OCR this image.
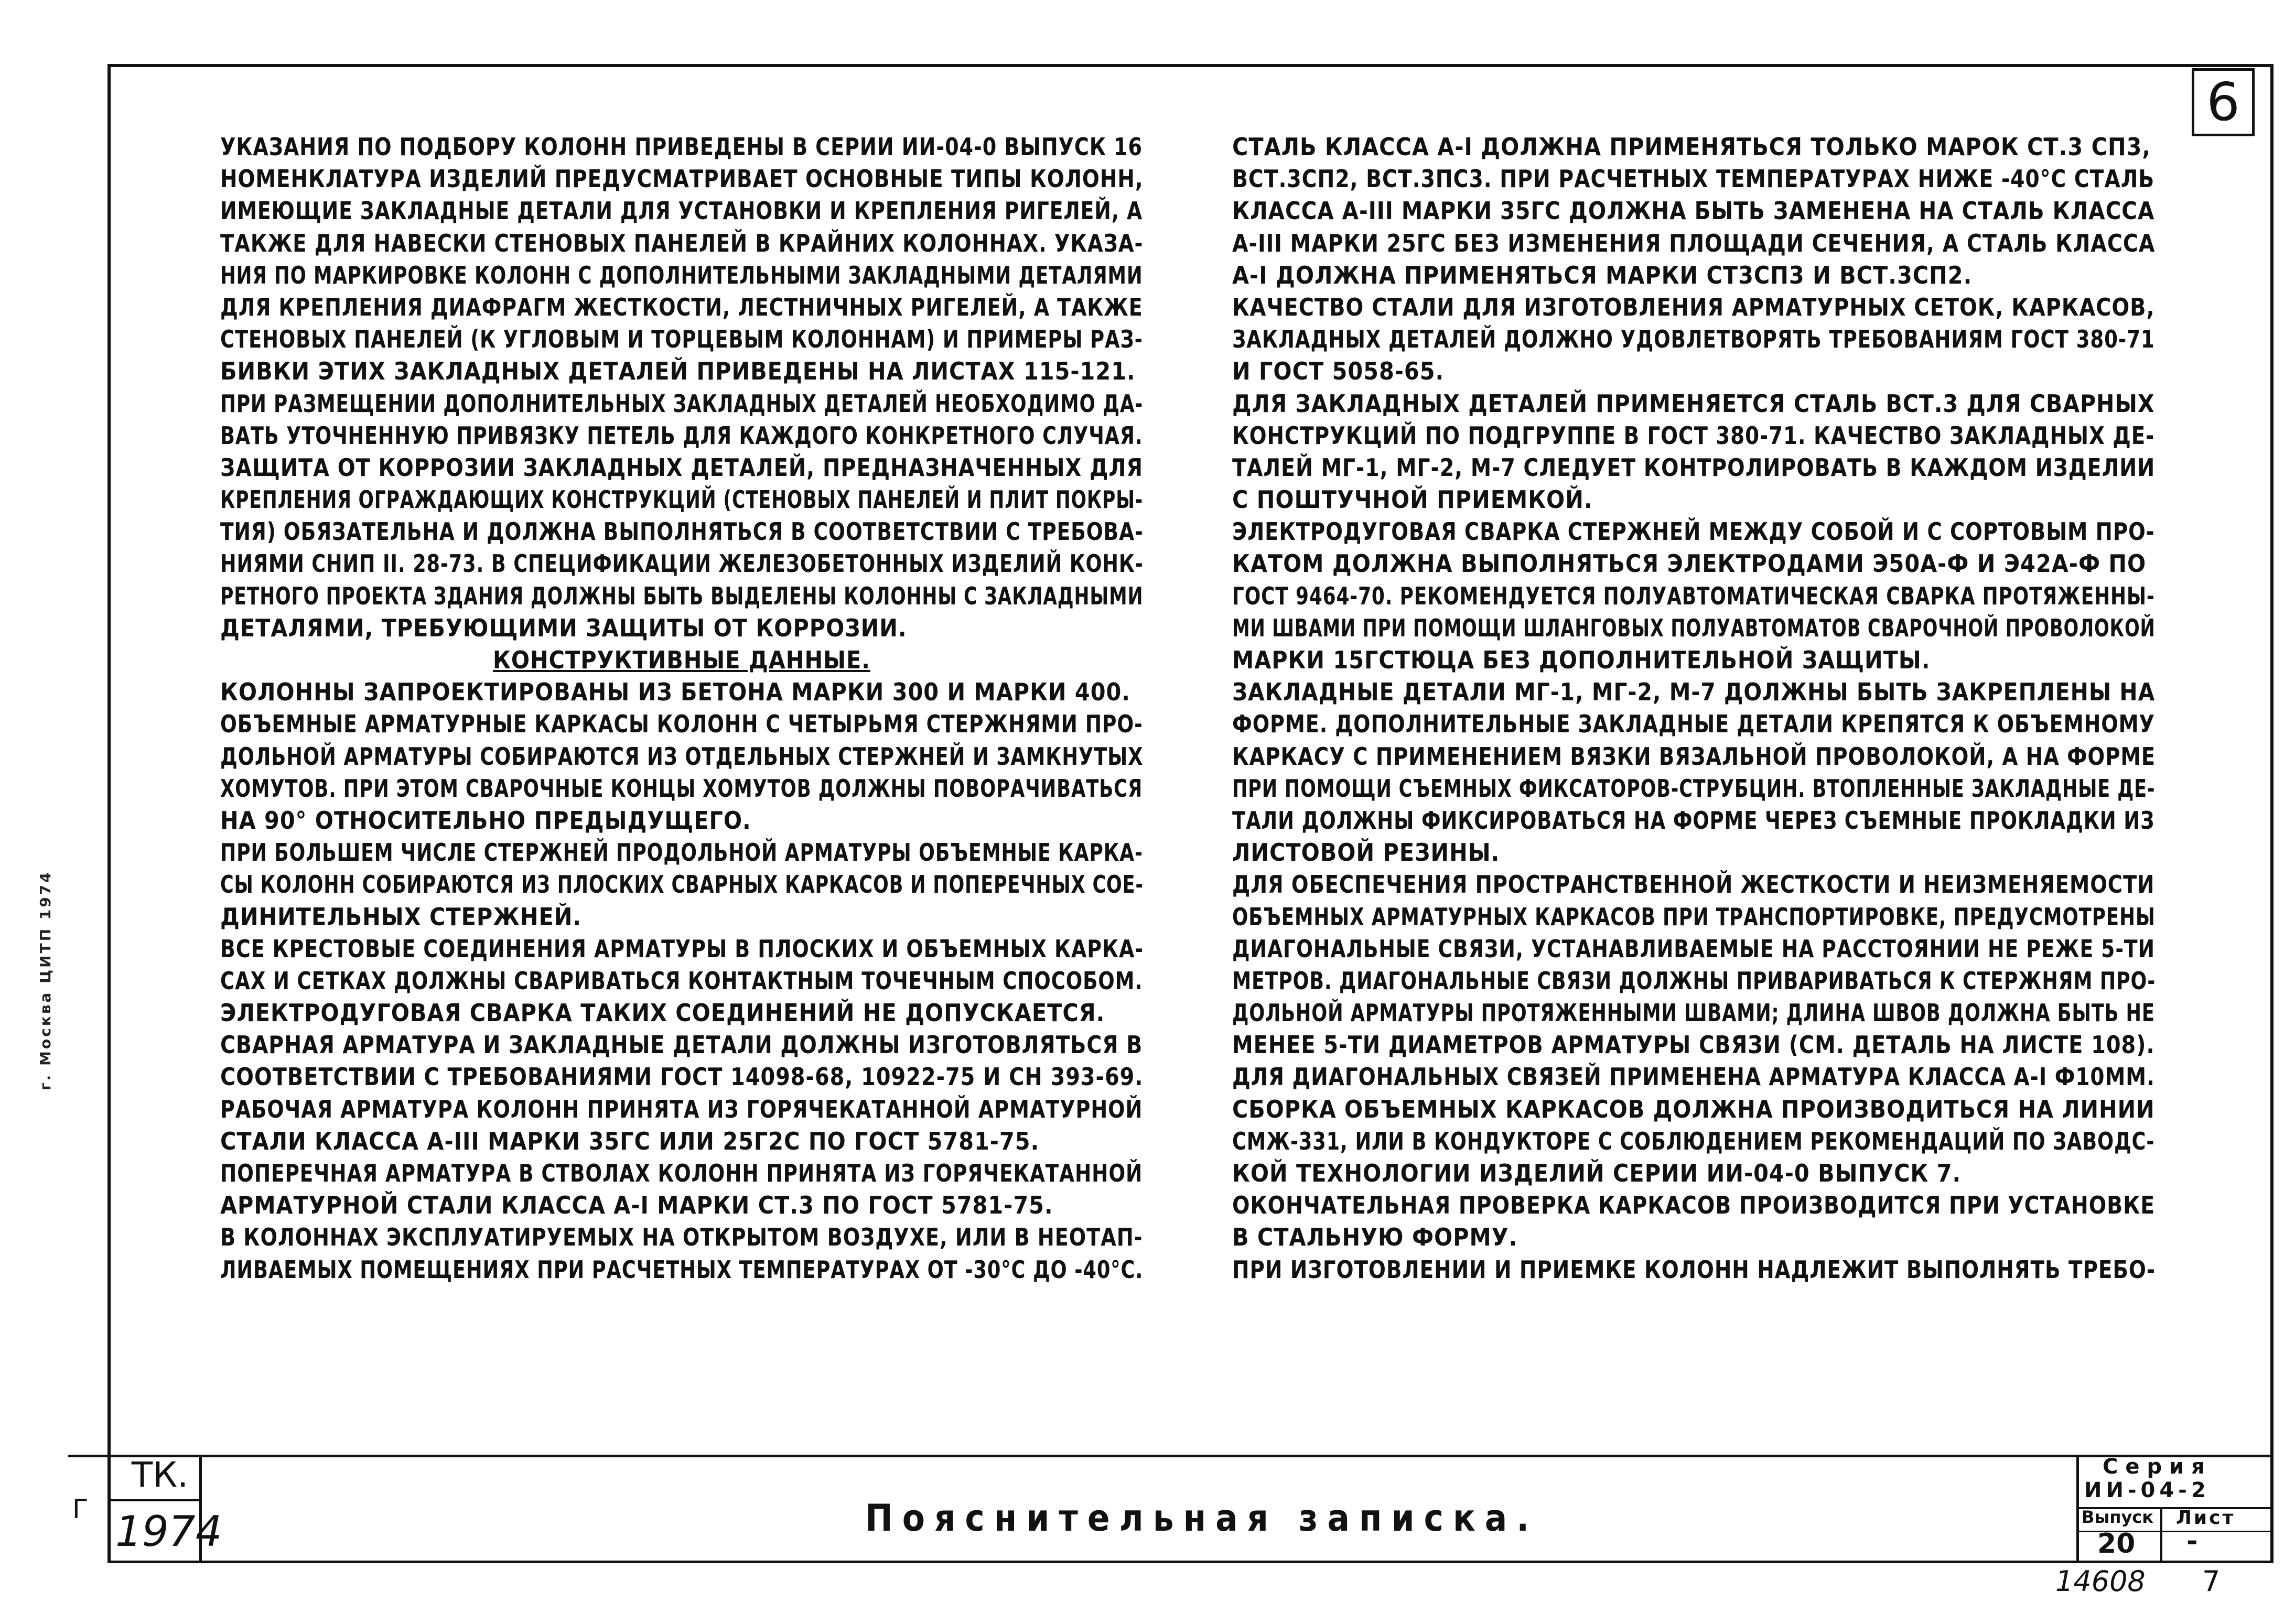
6
УКАЗАНИЯ ПО ПОДБОРУ КОЛОНН ПРИВЕДЕНЫ В СЕРИИ ИИ-04-0 ВЫПУСК 16
НОМЕНКЛАТУРА ИЗДЕЛИЙ ПРЕДУСМАТРИВАЕТ ОСНОВНЫЕ ТИПЫ КОЛОНН,
ИМЕЮЩИЕ ЗАКЛАДНЫЕ ДЕТАЛИ ДЛЯ УСТАНОВКИ И КРЕПЛЕНИЯ РИГЕЛЕЙ, А
ТАКЖЕ ДЛЯ НАВЕСКИ СТЕНОВЫХ ПАНЕЛЕЙ В КРАЙНИХ КОЛОННАХ. УКАЗА-
НИЯ ПО МАРКИРОВКЕ КОЛОНН С ДОПОЛНИТЕЛЬНЫМИ ЗАКЛАДНЫМИ ДЕТАЛЯМИ
ДЛЯ КРЕПЛЕНИЯ ДИАФРАГМ ЖЕСТКОСТИ, ЛЕСТНИЧНЫХ РИГЕЛЕЙ, А ТАКЖЕ
СТЕНОВЫХ ПАНЕЛЕЙ (К УГЛОВЫМ И ТОРЦЕВЫМ КОЛОННАМ) И ПРИМЕРЫ РАЗ-
БИВКИ ЭТИХ ЗАКЛАДНЫХ ДЕТАЛЕЙ ПРИВЕДЕНЫ НА ЛИСТАХ 115-121.
ПРИ РАЗМЕЩЕНИИ ДОПОЛНИТЕЛЬНЫХ ЗАКЛАДНЫХ ДЕТАЛЕЙ НЕОБХОДИМО ДА-
ВАТЬ УТОЧНЕННУЮ ПРИВЯЗКУ ПЕТЕЛЬ ДЛЯ КАЖДОГО КОНКРЕТНОГО СЛУЧАЯ.
ЗАЩИТА ОТ КОРРОЗИИ ЗАКЛАДНЫХ ДЕТАЛЕЙ, ПРЕДНАЗНАЧЕННЫХ ДЛЯ
КРЕПЛЕНИЯ ОГРАЖДАЮЩИХ КОНСТРУКЦИЙ (СТЕНОВЫХ ПАНЕЛЕЙ И ПЛИТ ПОКРЫ-
ТИЯ) ОБЯЗАТЕЛЬНА И ДОЛЖНА ВЫПОЛНЯТЬСЯ В СООТВЕТСТВИИ С ТРЕБОВА-
НИЯМИ СНИП II. 28-73. В СПЕЦИФИКАЦИИ ЖЕЛЕЗОБЕТОННЫХ ИЗДЕЛИЙ КОНК-
РЕТНОГО ПРОЕКТА ЗДАНИЯ ДОЛЖНЫ БЫТЬ ВЫДЕЛЕНЫ КОЛОННЫ С ЗАКЛАДНЫМИ
ДЕТАЛЯМИ, ТРЕБУЮЩИМИ ЗАЩИТЫ ОТ КОРРОЗИИ.
КОНСТРУКТИВНЫЕ ДАННЫЕ.
КОЛОННЫ ЗАПРОЕКТИРОВАНЫ ИЗ БЕТОНА МАРКИ 300 И МАРКИ 400.
ОБЪЕМНЫЕ АРМАТУРНЫЕ КАРКАСЫ КОЛОНН С ЧЕТЫРЬМЯ СТЕРЖНЯМИ ПРО-
ДОЛЬНОЙ АРМАТУРЫ СОБИРАЮТСЯ ИЗ ОТДЕЛЬНЫХ СТЕРЖНЕЙ И ЗАМКНУТЫХ
ХОМУТОВ. ПРИ ЭТОМ СВАРОЧНЫЕ КОНЦЫ ХОМУТОВ ДОЛЖНЫ ПОВОРАЧИВАТЬСЯ
НА 90° ОТНОСИТЕЛЬНО ПРЕДЫДУЩЕГО.
ПРИ БОЛЬШЕМ ЧИСЛЕ СТЕРЖНЕЙ ПРОДОЛЬНОЙ АРМАТУРЫ ОБЪЕМНЫЕ КАРКА-
СЫ КОЛОНН СОБИРАЮТСЯ ИЗ ПЛОСКИХ СВАРНЫХ КАРКАСОВ И ПОПЕРЕЧНЫХ СОЕ-
ДИНИТЕЛЬНЫХ СТЕРЖНЕЙ.
ВСЕ КРЕСТОВЫЕ СОЕДИНЕНИЯ АРМАТУРЫ В ПЛОСКИХ И ОБЪЕМНЫХ КАРКА-
САХ И СЕТКАХ ДОЛЖНЫ СВАРИВАТЬСЯ КОНТАКТНЫМ ТОЧЕЧНЫМ СПОСОБОМ.
ЭЛЕКТРОДУГОВАЯ СВАРКА ТАКИХ СОЕДИНЕНИЙ НЕ ДОПУСКАЕТСЯ.
СВАРНАЯ АРМАТУРА И ЗАКЛАДНЫЕ ДЕТАЛИ ДОЛЖНЫ ИЗГОТОВЛЯТЬСЯ В
СООТВЕТСТВИИ С ТРЕБОВАНИЯМИ ГОСТ 14098-68, 10922-75 И СН 393-69.
РАБОЧАЯ АРМАТУРА КОЛОНН ПРИНЯТА ИЗ ГОРЯЧЕКАТАННОЙ АРМАТУРНОЙ
СТАЛИ КЛАССА А-III МАРКИ 35ГС ИЛИ 25Г2С ПО ГОСТ 5781-75.
ПОПЕРЕЧНАЯ АРМАТУРА В СТВОЛАХ КОЛОНН ПРИНЯТА ИЗ ГОРЯЧЕКАТАННОЙ
АРМАТУРНОЙ СТАЛИ КЛАССА А-I МАРКИ СТ.3 ПО ГОСТ 5781-75.
В КОЛОННАХ ЭКСПЛУАТИРУЕМЫХ НА ОТКРЫТОМ ВОЗДУХЕ, ИЛИ В НЕОТАП-
ЛИВАЕМЫХ ПОМЕЩЕНИЯХ ПРИ РАСЧЕТНЫХ ТЕМПЕРАТУРАХ ОТ -30°С ДО -40°С.
СТАЛЬ КЛАССА А-I ДОЛЖНА ПРИМЕНЯТЬСЯ ТОЛЬКО МАРОК СТ.3 СП3,
ВСТ.3СП2, ВСТ.3ПС3. ПРИ РАСЧЕТНЫХ ТЕМПЕРАТУРАХ НИЖЕ -40°С СТАЛЬ
КЛАССА А-III МАРКИ 35ГС ДОЛЖНА БЫТЬ ЗАМЕНЕНА НА СТАЛЬ КЛАССА
А-III МАРКИ 25ГС БЕЗ ИЗМЕНЕНИЯ ПЛОЩАДИ СЕЧЕНИЯ, А СТАЛЬ КЛАССА
А-I ДОЛЖНА ПРИМЕНЯТЬСЯ МАРКИ СТ3СП3 И ВСТ.3СП2.
КАЧЕСТВО СТАЛИ ДЛЯ ИЗГОТОВЛЕНИЯ АРМАТУРНЫХ СЕТОК, КАРКАСОВ,
ЗАКЛАДНЫХ ДЕТАЛЕЙ ДОЛЖНО УДОВЛЕТВОРЯТЬ ТРЕБОВАНИЯМ ГОСТ 380-71
И ГОСТ 5058-65.
ДЛЯ ЗАКЛАДНЫХ ДЕТАЛЕЙ ПРИМЕНЯЕТСЯ СТАЛЬ ВСТ.3 ДЛЯ СВАРНЫХ
КОНСТРУКЦИЙ ПО ПОДГРУППЕ В ГОСТ 380-71. КАЧЕСТВО ЗАКЛАДНЫХ ДЕ-
ТАЛЕЙ МГ-1, МГ-2, М-7 СЛЕДУЕТ КОНТРОЛИРОВАТЬ В КАЖДОМ ИЗДЕЛИИ
С ПОШТУЧНОЙ ПРИЕМКОЙ.
ЭЛЕКТРОДУГОВАЯ СВАРКА СТЕРЖНЕЙ МЕЖДУ СОБОЙ И С СОРТОВЫМ ПРО-
КАТОМ ДОЛЖНА ВЫПОЛНЯТЬСЯ ЭЛЕКТРОДАМИ Э50А-Ф И Э42А-Ф ПО
ГОСТ 9464-70. РЕКОМЕНДУЕТСЯ ПОЛУАВТОМАТИЧЕСКАЯ СВАРКА ПРОТЯЖЕННЫ-
МИ ШВАМИ ПРИ ПОМОЩИ ШЛАНГОВЫХ ПОЛУАВТОМАТОВ СВАРОЧНОЙ ПРОВОЛОКОЙ
МАРКИ 15ГСТЮЦА БЕЗ ДОПОЛНИТЕЛЬНОЙ ЗАЩИТЫ.
ЗАКЛАДНЫЕ ДЕТАЛИ МГ-1, МГ-2, М-7 ДОЛЖНЫ БЫТЬ ЗАКРЕПЛЕНЫ НА
ФОРМЕ. ДОПОЛНИТЕЛЬНЫЕ ЗАКЛАДНЫЕ ДЕТАЛИ КРЕПЯТСЯ К ОБЪЕМНОМУ
КАРКАСУ С ПРИМЕНЕНИЕМ ВЯЗКИ ВЯЗАЛЬНОЙ ПРОВОЛОКОЙ, А НА ФОРМЕ
ПРИ ПОМОЩИ СЪЕМНЫХ ФИКСАТОРОВ-СТРУБЦИН. ВТОПЛЕННЫЕ ЗАКЛАДНЫЕ ДЕ-
ТАЛИ ДОЛЖНЫ ФИКСИРОВАТЬСЯ НА ФОРМЕ ЧЕРЕЗ СЪЕМНЫЕ ПРОКЛАДКИ ИЗ
ЛИСТОВОЙ РЕЗИНЫ.
ДЛЯ ОБЕСПЕЧЕНИЯ ПРОСТРАНСТВЕННОЙ ЖЕСТКОСТИ И НЕИЗМЕНЯЕМОСТИ
ОБЪЕМНЫХ АРМАТУРНЫХ КАРКАСОВ ПРИ ТРАНСПОРТИРОВКЕ, ПРЕДУСМОТРЕНЫ
ДИАГОНАЛЬНЫЕ СВЯЗИ, УСТАНАВЛИВАЕМЫЕ НА РАССТОЯНИИ НЕ РЕЖЕ 5-ТИ
МЕТРОВ. ДИАГОНАЛЬНЫЕ СВЯЗИ ДОЛЖНЫ ПРИВАРИВАТЬСЯ К СТЕРЖНЯМ ПРО-
ДОЛЬНОЙ АРМАТУРЫ ПРОТЯЖЕННЫМИ ШВАМИ; ДЛИНА ШВОВ ДОЛЖНА БЫТЬ НЕ
МЕНЕЕ 5-ТИ ДИАМЕТРОВ АРМАТУРЫ СВЯЗИ (СМ. ДЕТАЛЬ НА ЛИСТЕ 108).
ДЛЯ ДИАГОНАЛЬНЫХ СВЯЗЕЙ ПРИМЕНЕНА АРМАТУРА КЛАССА А-I Ф10ММ.
СБОРКА ОБЪЕМНЫХ КАРКАСОВ ДОЛЖНА ПРОИЗВОДИТЬСЯ НА ЛИНИИ
СМЖ-331, ИЛИ В КОНДУКТОРЕ С СОБЛЮДЕНИЕМ РЕКОМЕНДАЦИЙ ПО ЗАВОДС-
КОЙ ТЕХНОЛОГИИ ИЗДЕЛИЙ СЕРИИ ИИ-04-0 ВЫПУСК 7.
ОКОНЧАТЕЛЬНАЯ ПРОВЕРКА КАРКАСОВ ПРОИЗВОДИТСЯ ПРИ УСТАНОВКЕ
В СТАЛЬНУЮ ФОРМУ.
ПРИ ИЗГОТОВЛЕНИИ И ПРИЕМКЕ КОЛОНН НАДЛЕЖИТ ВЫПОЛНЯТЬ ТРЕБО-
г. Москва ЦИТП 1974
ТК.
1974	Пояснительная записка.
Серия
ИИ-04-2
Выпуск Лист
20 -
Г
14608 7
